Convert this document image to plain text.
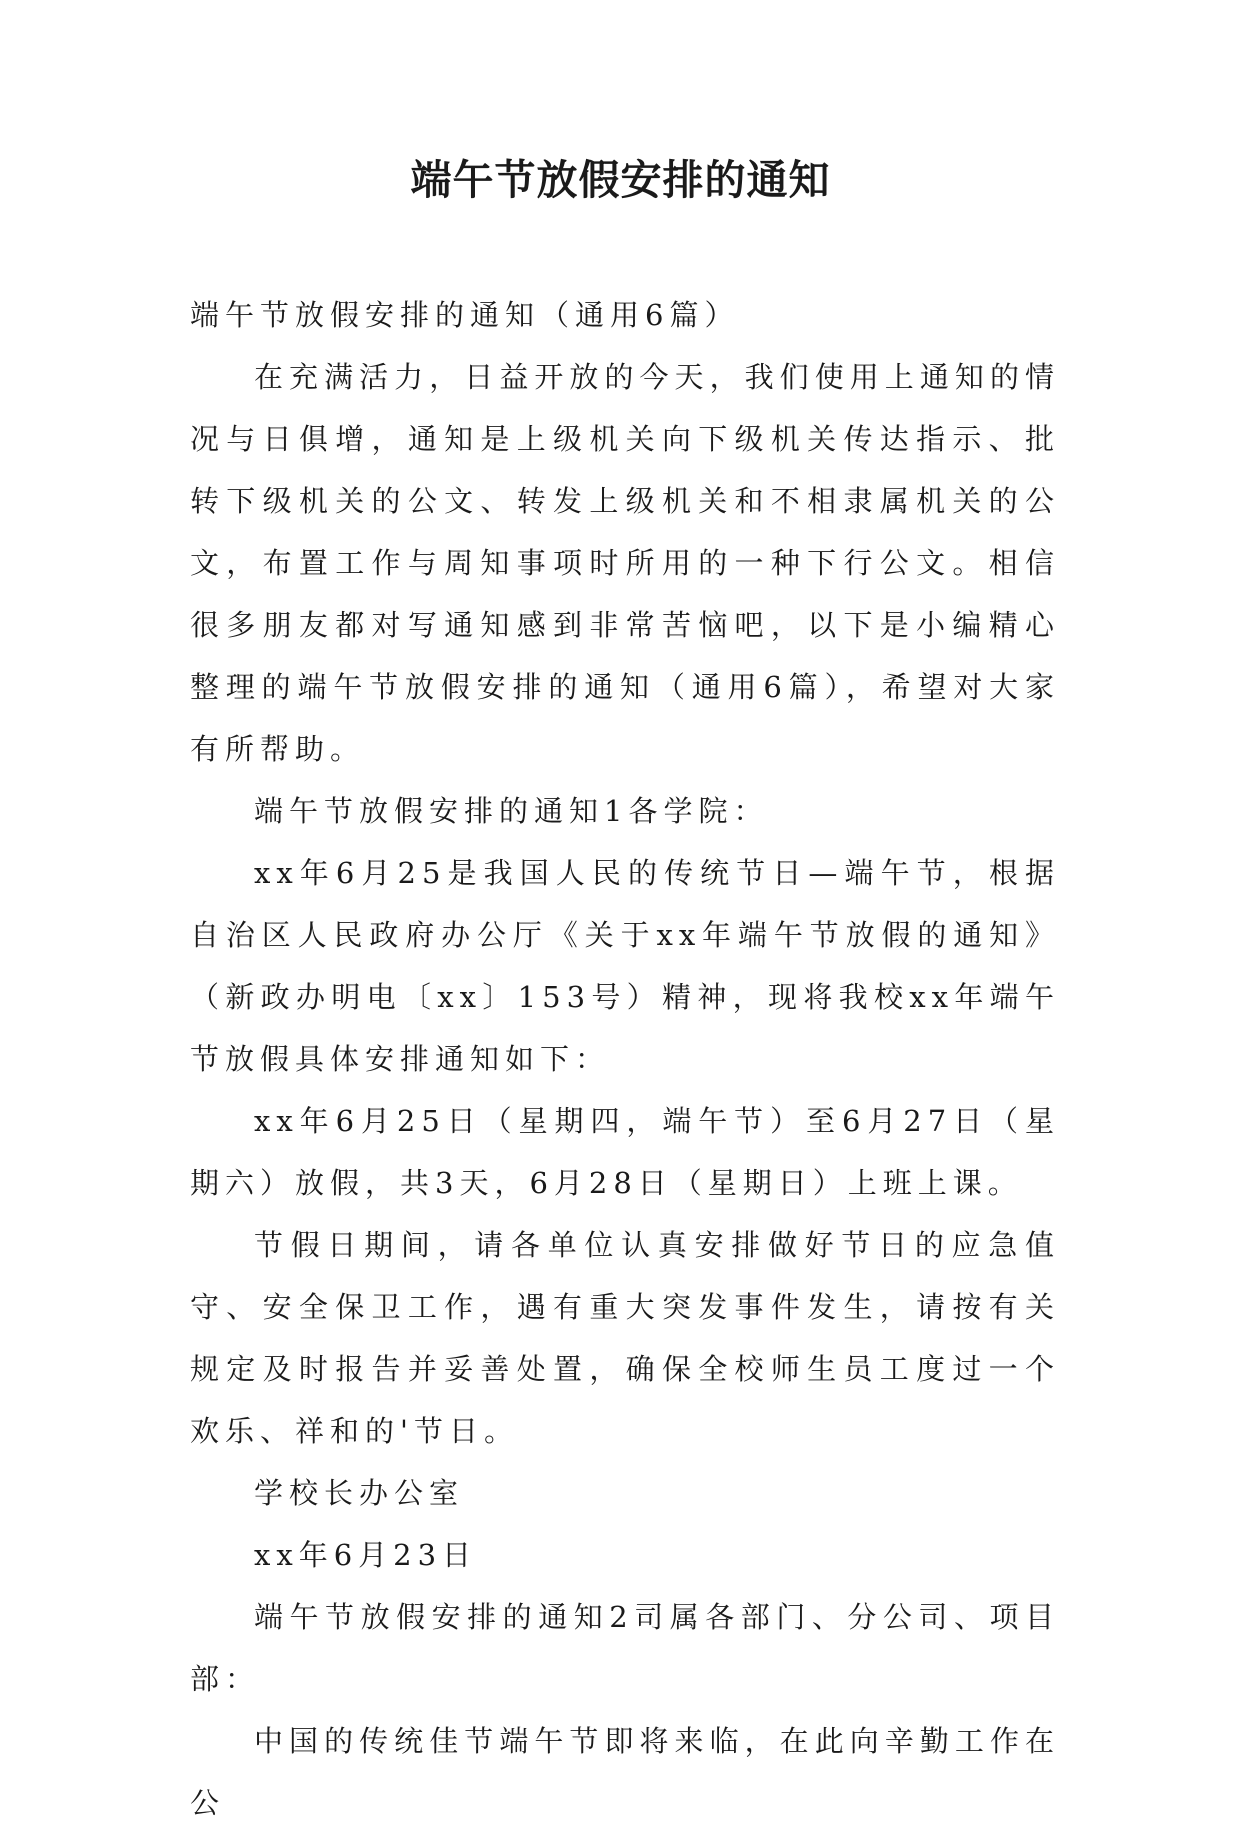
端午节放假安排的通知

端午节放假安排的通知（通用6篇）

在充满活力，日益开放的今天，我们使用上通知的情况与日俱增，通知是上级机关向下级机关传达指示、批转下级机关的公文、转发上级机关和不相隶属机关的公文，布置工作与周知事项时所用的一种下行公文。相信很多朋友都对写通知感到非常苦恼吧，以下是小编精心整理的端午节放假安排的通知（通用6篇），希望对大家有所帮助。

端午节放假安排的通知1各学院：

xx年6月25是我国人民的传统节日—端午节，根据自治区人民政府办公厅《关于xx年端午节放假的通知》（新政办明电〔xx〕153号）精神，现将我校xx年端午节放假具体安排通知如下：

xx年6月25日（星期四，端午节）至6月27日（星期六）放假，共3天，6月28日（星期日）上班上课。

节假日期间，请各单位认真安排做好节日的应急值守、安全保卫工作，遇有重大突发事件发生，请按有关规定及时报告并妥善处置，确保全校师生员工度过一个欢乐、祥和的'节日。

学校长办公室

xx年6月23日

端午节放假安排的通知2司属各部门、分公司、项目部：

中国的传统佳节端午节即将来临，在此向辛勤工作在公
